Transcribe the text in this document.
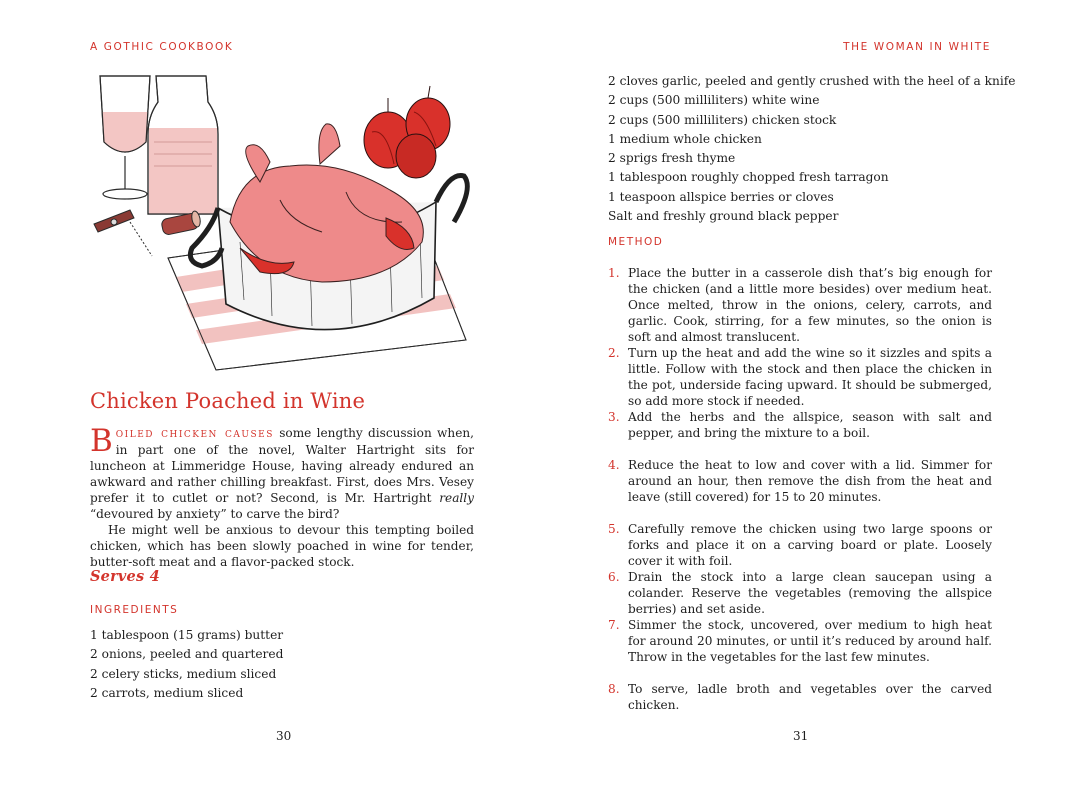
A GOTHIC COOKBOOK
Chicken Poached in Wine

Boiled chicken causes some lengthy discussion when, in part one of the novel, Walter Hartright sits for luncheon at Limmeridge House, having already endured an awkward and rather chilling breakfast. First, does Mrs. Vesey prefer it to cutlet or not? Second, is Mr. Hartright really “devoured by anxiety” to carve the bird?

He might well be anxious to devour this tempting boiled chicken, which has been slowly poached in wine for tender, butter-soft meat and a flavor-packed stock.

Serves 4
INGREDIENTS
1 tablespoon (15 grams) butter
2 onions, peeled and quartered
2 celery sticks, medium sliced
2 carrots, medium sliced
30
THE WOMAN IN WHITE
2 cloves garlic, peeled and gently crushed with the heel of a knife
2 cups (500 milliliters) white wine
2 cups (500 milliliters) chicken stock
1 medium whole chicken
2 sprigs fresh thyme
1 tablespoon roughly chopped fresh tarragon
1 teaspoon allspice berries or cloves
Salt and freshly ground black pepper
METHOD
1. Place the butter in a casserole dish that’s big enough for the chicken (and a little more besides) over medium heat. Once melted, throw in the onions, celery, carrots, and garlic. Cook, stirring, for a few minutes, so the onion is soft and almost translucent.
2. Turn up the heat and add the wine so it sizzles and spits a little. Follow with the stock and then place the chicken in the pot, underside facing upward. It should be submerged, so add more stock if needed.
3. Add the herbs and the allspice, season with salt and pepper, and bring the mixture to a boil.
4. Reduce the heat to low and cover with a lid. Simmer for around an hour, then remove the dish from the heat and leave (still covered) for 15 to 20 minutes.
5. Carefully remove the chicken using two large spoons or forks and place it on a carving board or plate. Loosely cover it with foil.
6. Drain the stock into a large clean saucepan using a colander. Reserve the vegetables (removing the allspice berries) and set aside.
7. Simmer the stock, uncovered, over medium to high heat for around 20 minutes, or until it’s reduced by around half. Throw in the vegetables for the last few minutes.
8. To serve, ladle broth and vegetables over the carved chicken.
31
